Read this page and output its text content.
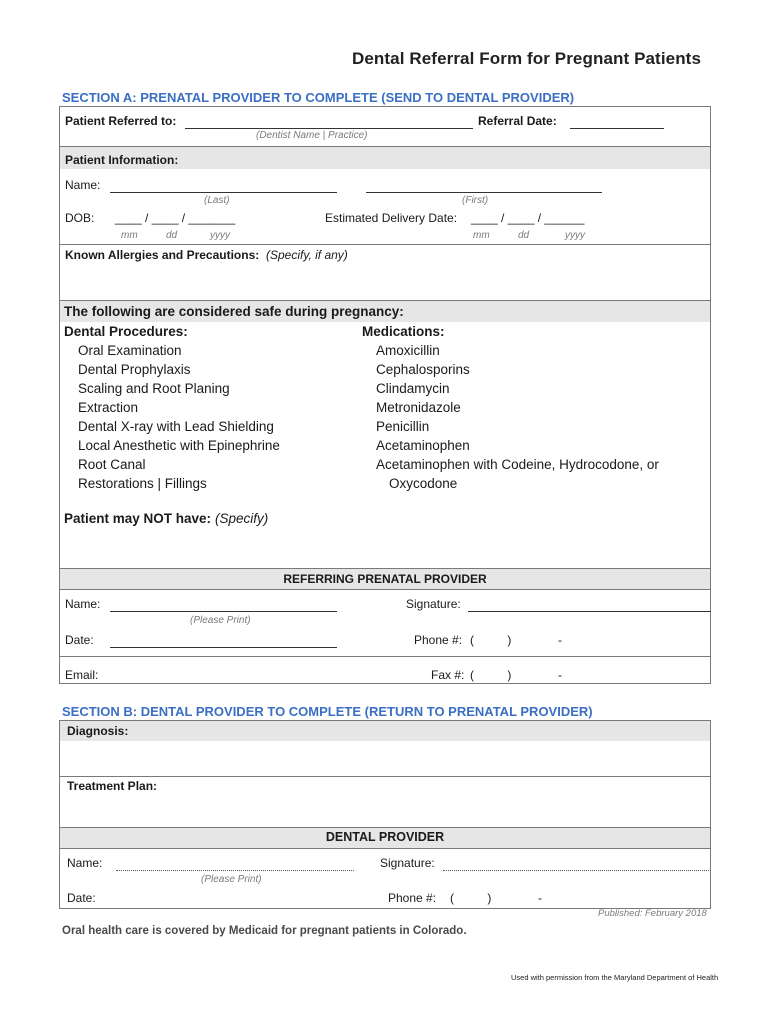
Dental Referral Form for Pregnant Patients
SECTION A: PRENATAL PROVIDER TO COMPLETE (SEND TO DENTAL PROVIDER)
Patient Referred to:
(Dentist Name | Practice)
Referral Date:
Patient Information:
Name:
(Last)	(First)
DOB: ____ / ____ / _______
mm	dd	yyyy
Estimated Delivery Date: ____ / ____ / ______
mm	dd	yyyy
Known Allergies and Precautions: (Specify, if any)
The following are considered safe during pregnancy:
Dental Procedures:
Oral Examination
Dental Prophylaxis
Scaling and Root Planing
Extraction
Dental X-ray with Lead Shielding
Local Anesthetic with Epinephrine
Root Canal
Restorations | Fillings
Medications:
Amoxicillin
Cephalosporins
Clindamycin
Metronidazole
Penicillin
Acetaminophen
Acetaminophen with Codeine, Hydrocodone, or
Oxycodone
Patient may NOT have: (Specify)
REFERRING PRENATAL PROVIDER
Name:
(Please Print)
Signature:
Date:	Phone #: (          )              -
Email:	Fax #: (          )              -
SECTION B: DENTAL PROVIDER TO COMPLETE (RETURN TO PRENATAL PROVIDER)
Diagnosis:
Treatment Plan:
DENTAL PROVIDER
Name:
(Please Print)
Signature:
Date:	Phone #: (          )              -
Published: February 2018
Oral health care is covered by Medicaid for pregnant patients in Colorado.
Used with permission from the Maryland Department of Health
